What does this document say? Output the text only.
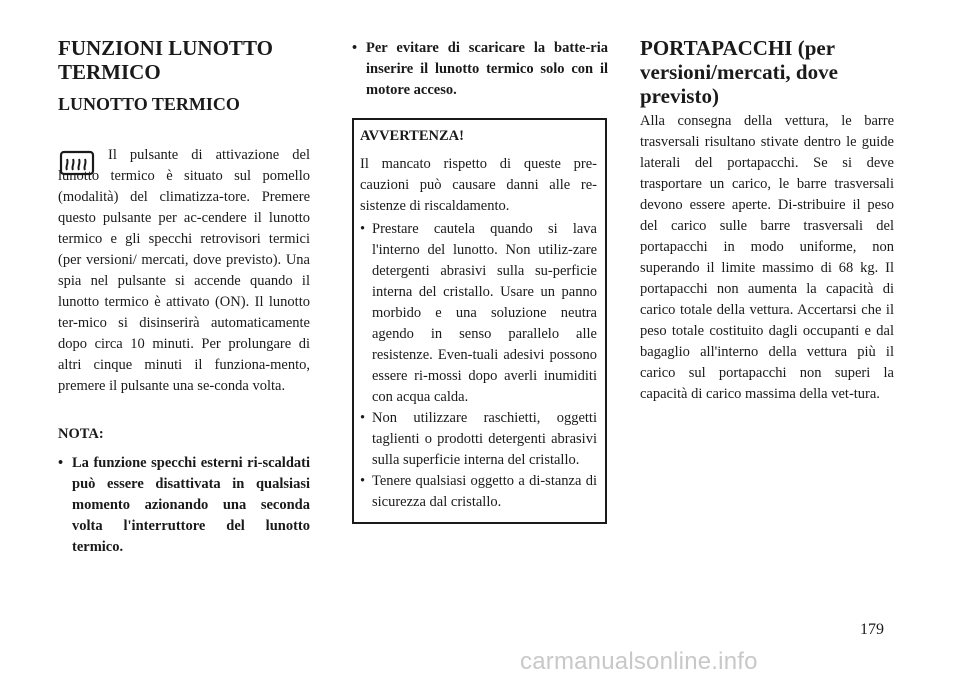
FUNZIONI LUNOTTO TERMICO
LUNOTTO TERMICO

Il pulsante di attivazione del lunotto termico è situato sul pomello (modalità) del climatizza-tore. Premere questo pulsante per ac-cendere il lunotto termico e gli specchi retrovisori termici (per versioni/ mercati, dove previsto). Una spia nel pulsante si accende quando il lunotto termico è attivato (ON). Il lunotto ter-mico si disinserirà automaticamente dopo circa 10 minuti. Per prolungare di altri cinque minuti il funziona-mento, premere il pulsante una se-conda volta.

NOTA:
• La funzione specchi esterni ri-scaldati può essere disattivata in qualsiasi momento azionando una seconda volta l'interruttore del lunotto termico.
• Per evitare di scaricare la batte-ria inserire il lunotto termico solo con il motore acceso.
AVVERTENZA!
Il mancato rispetto di queste pre-cauzioni può causare danni alle re-sistenze di riscaldamento.
• Prestare cautela quando si lava l'interno del lunotto. Non utiliz-zare detergenti abrasivi sulla su-perficie interna del cristallo. Usare un panno morbido e una soluzione neutra agendo in senso parallelo alle resistenze. Even-tuali adesivi possono essere ri-mossi dopo averli inumiditi con acqua calda.
• Non utilizzare raschietti, oggetti taglienti o prodotti detergenti abrasivi sulla superficie interna del cristallo.
• Tenere qualsiasi oggetto a di-stanza di sicurezza dal cristallo.
PORTAPACCHI (per versioni/mercati, dove previsto)

Alla consegna della vettura, le barre trasversali risultano stivate dentro le guide laterali del portapacchi. Se si deve trasportare un carico, le barre trasversali devono essere aperte. Di-stribuire il peso del carico sulle barre trasversali del portapacchi in modo uniforme, non superando il limite massimo di 68 kg. Il portapacchi non aumenta la capacità di carico totale della vettura. Accertarsi che il peso totale costituito dagli occupanti e dal bagaglio all'interno della vettura più il carico sul portapacchi non superi la capacità di carico massima della vet-tura.

179
carmanualsonline.info
